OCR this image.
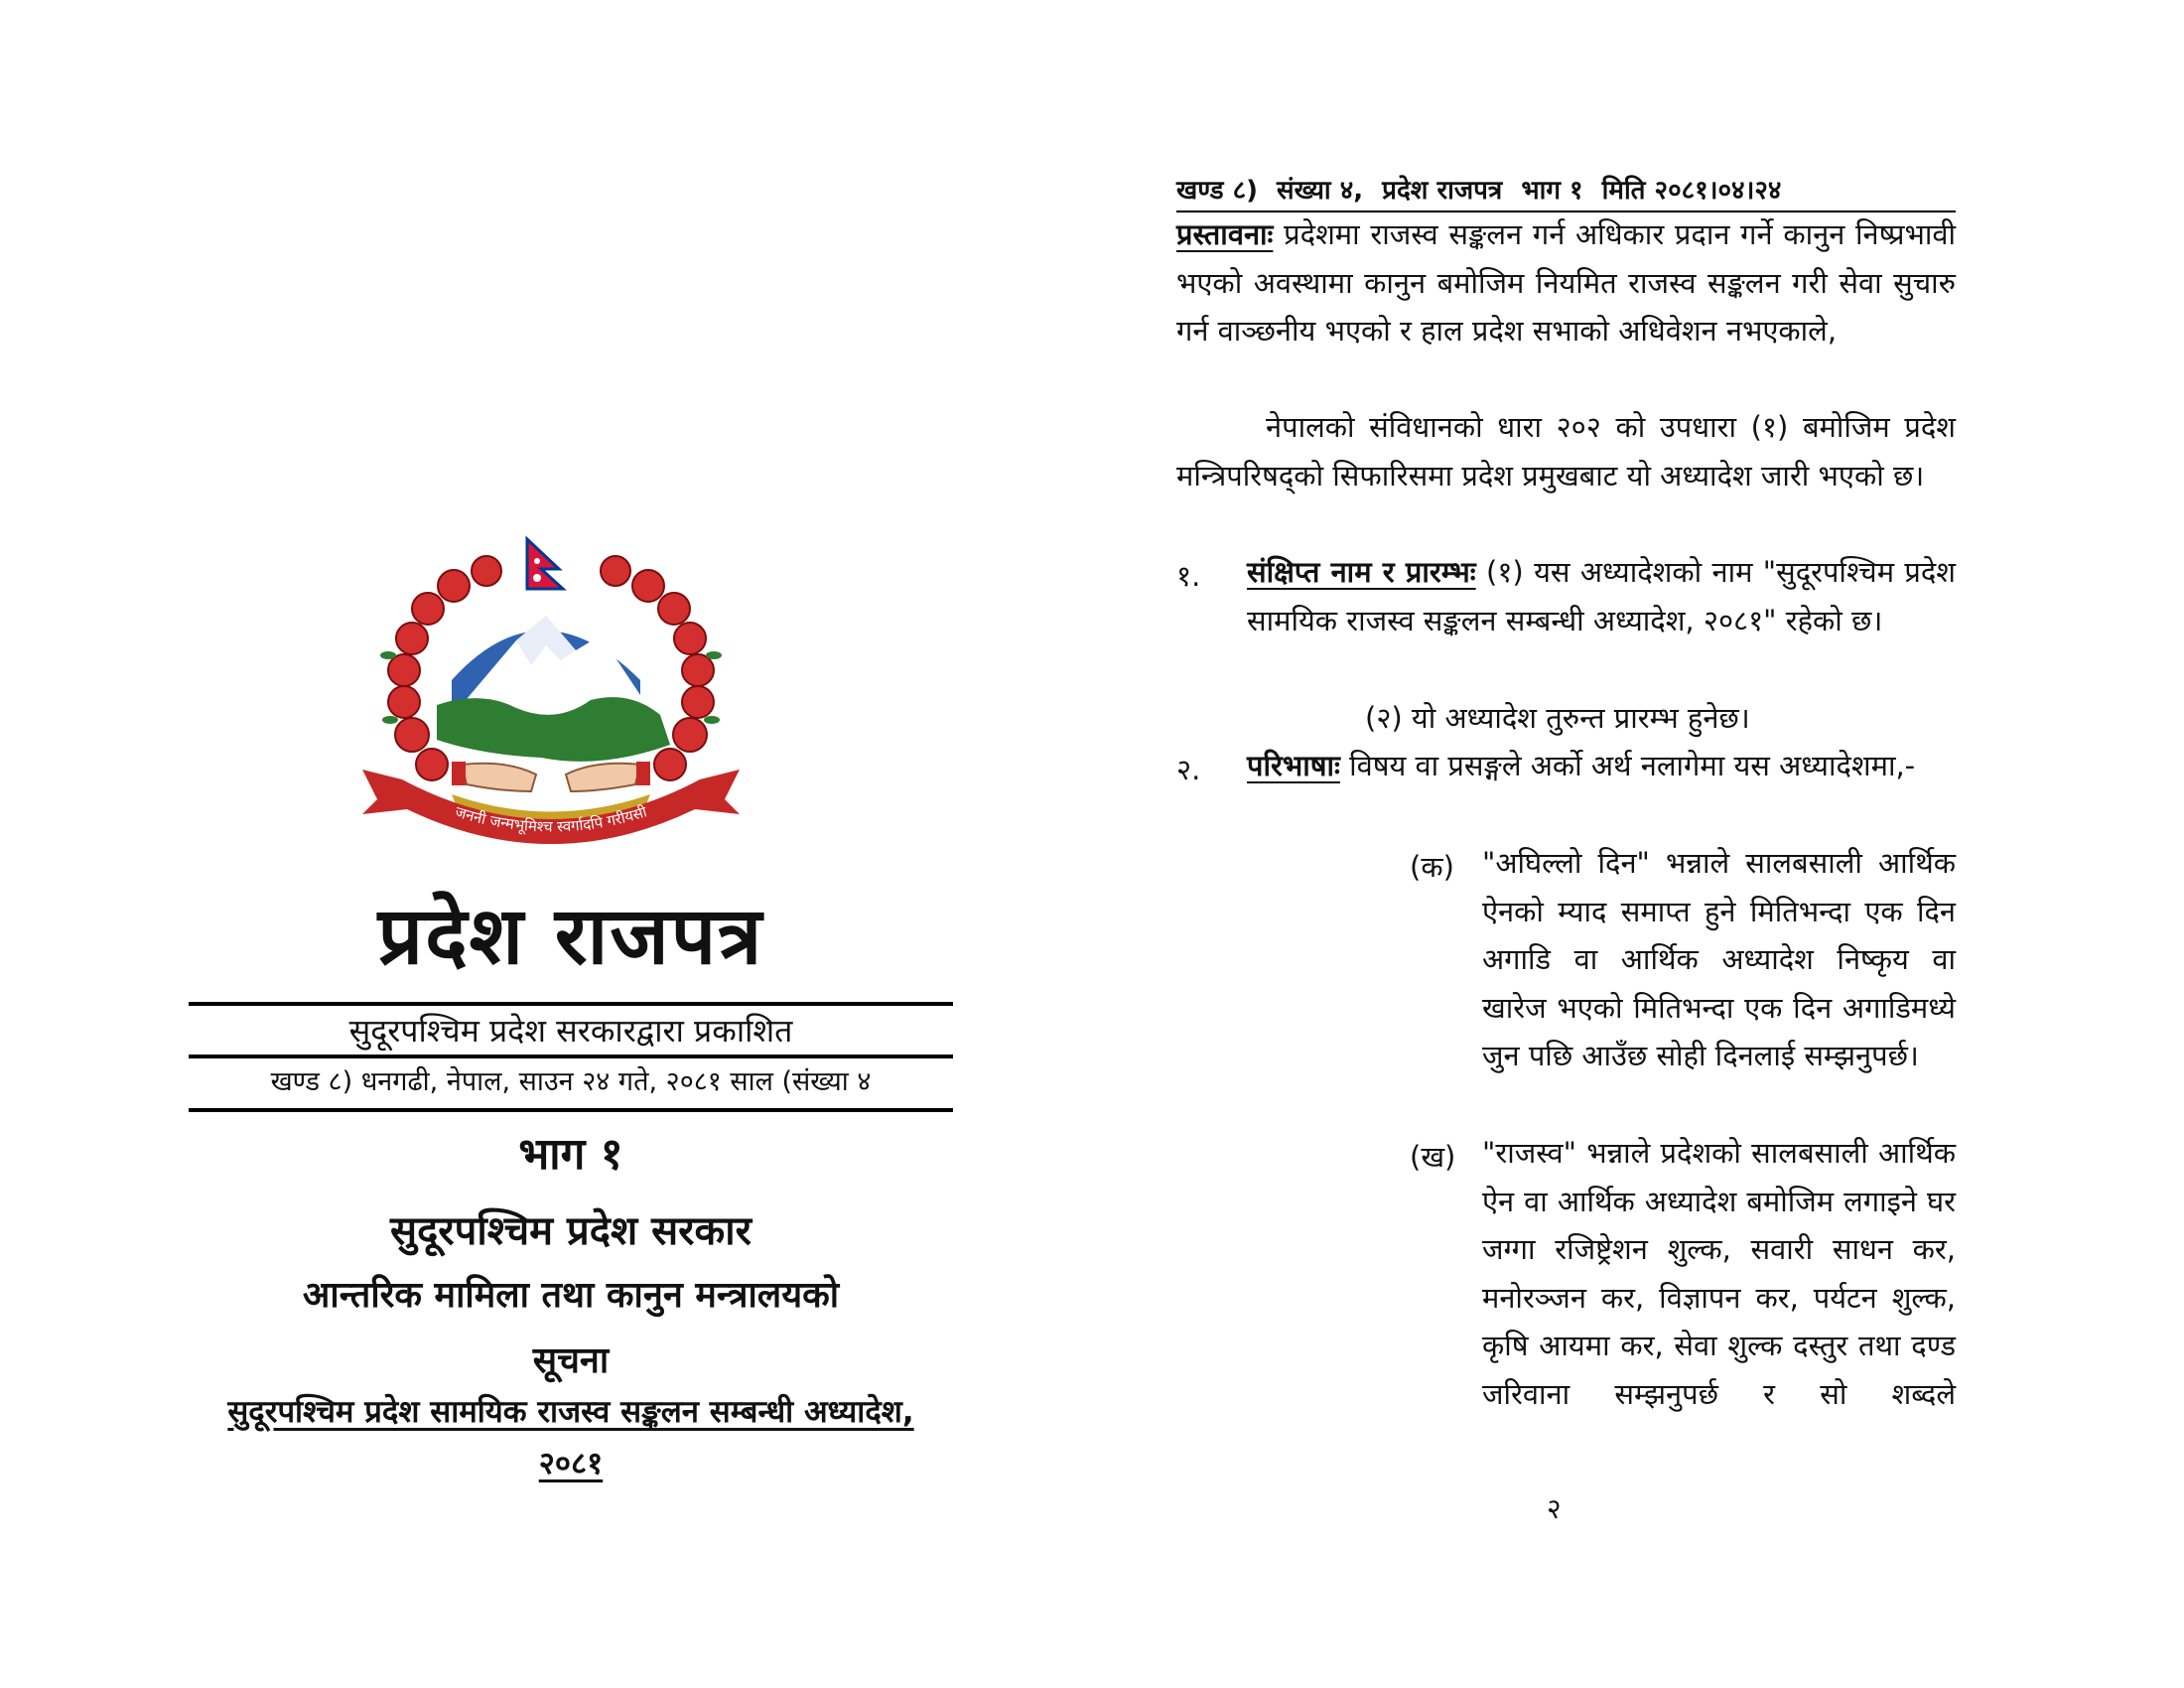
जननी जन्मभूमिश्च स्वर्गादपि गरीयसी
प्रदेश राजपत्र
सुदूरपश्चिम प्रदेश सरकारद्वारा प्रकाशित
खण्ड ८) धनगढी, नेपाल, साउन २४ गते, २०८१ साल (संख्या ४
भाग १
सुदूरपश्चिम प्रदेश सरकार
आन्तरिक मामिला तथा कानुन मन्त्रालयको
सूचना
सुदूरपश्चिम प्रदेश सामयिक राजस्व सङ्कलन सम्बन्धी अध्यादेश,
२०८१
खण्ड ८) संख्या ४, प्रदेश राजपत्र भाग १ मिति २०८१।०४।२४
प्रस्तावनाः प्रदेशमा राजस्व सङ्कलन गर्न अधिकार प्रदान गर्ने कानुन निष्प्रभावी भएको अवस्थामा कानुन बमोजिम नियमित राजस्व सङ्कलन गरी सेवा सुचारु गर्न वाञ्छनीय भएको र हाल प्रदेश सभाको अधिवेशन नभएकाले,
नेपालको संविधानको धारा २०२ को उपधारा (१) बमोजिम प्रदेश मन्त्रिपरिषद्को सिफारिसमा प्रदेश प्रमुखबाट यो अध्यादेश जारी भएको छ।
१. संक्षिप्त नाम र प्रारम्भः (१) यस अध्यादेशको नाम "सुदूरपश्चिम प्रदेश सामयिक राजस्व सङ्कलन सम्बन्धी अध्यादेश, २०८१" रहेको छ।
(२) यो अध्यादेश तुरुन्त प्रारम्भ हुनेछ।
२. परिभाषाः विषय वा प्रसङ्गले अर्को अर्थ नलागेमा यस अध्यादेशमा,-
(क) "अघिल्लो दिन" भन्नाले सालबसाली आर्थिक ऐनको म्याद समाप्त हुने मितिभन्दा एक दिन अगाडि वा आर्थिक अध्यादेश निष्कृय वा खारेज भएको मितिभन्दा एक दिन अगाडिमध्ये जुन पछि आउँछ सोही दिनलाई सम्झनुपर्छ।
(ख) "राजस्व" भन्नाले प्रदेशको सालबसाली आर्थिक ऐन वा आर्थिक अध्यादेश बमोजिम लगाइने घर जग्गा रजिष्ट्रेशन शुल्क, सवारी साधन कर, मनोरञ्जन कर, विज्ञापन कर, पर्यटन शुल्क, कृषि आयमा कर, सेवा शुल्क दस्तुर तथा दण्ड जरिवाना सम्झनुपर्छ र सो शब्दले
२
